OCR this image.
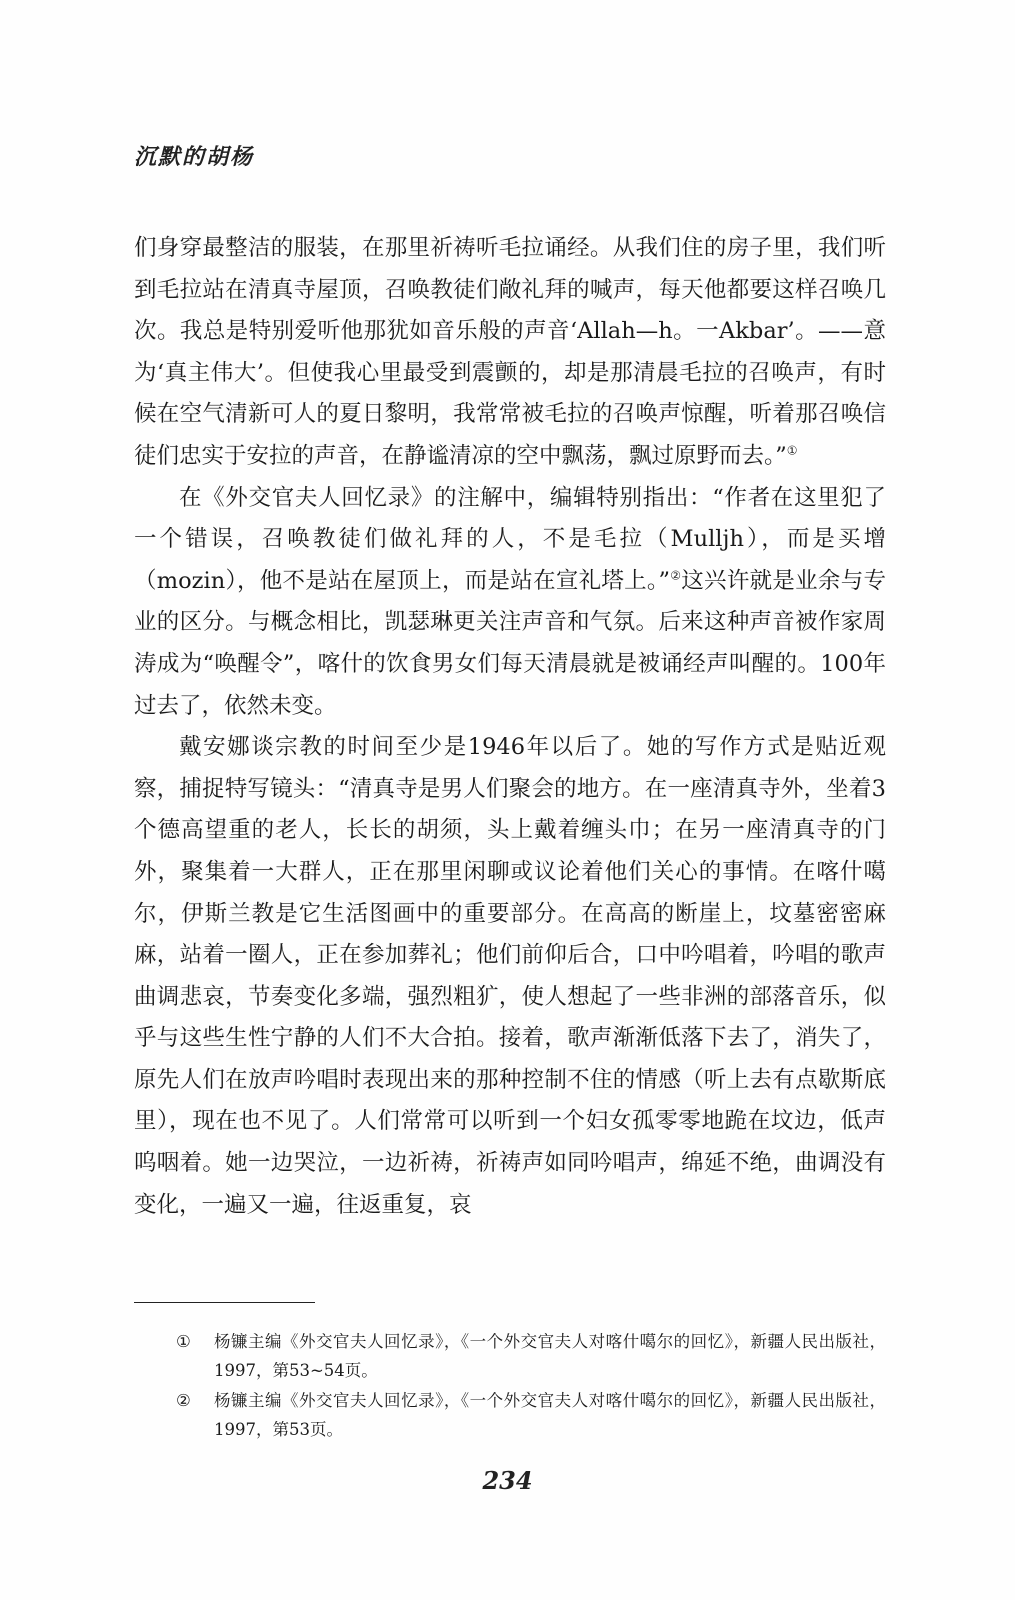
沉默的胡杨

们身穿最整洁的服装，在那里祈祷听毛拉诵经。从我们住的房子里，我们听到毛拉站在清真寺屋顶，召唤教徒们敞礼拜的喊声，每天他都要这样召唤几次。我总是特别爱听他那犹如音乐般的声音‘Allah—h。一Akbar’。——意为‘真主伟大’。但使我心里最受到震颤的，却是那清晨毛拉的召唤声，有时候在空气清新可人的夏日黎明，我常常被毛拉的召唤声惊醒，听着那召唤信徒们忠实于安拉的声音，在静谧清凉的空中飘荡，飘过原野而去。”①

在《外交官夫人回忆录》的注解中，编辑特别指出：“作者在这里犯了一个错误，召唤教徒们做礼拜的人，不是毛拉（Mulljh），而是买增（mozin），他不是站在屋顶上，而是站在宣礼塔上。”②这兴许就是业余与专业的区分。与概念相比，凯瑟琳更关注声音和气氛。后来这种声音被作家周涛成为“唤醒令”，喀什的饮食男女们每天清晨就是被诵经声叫醒的。100年过去了，依然未变。

戴安娜谈宗教的时间至少是1946年以后了。她的写作方式是贴近观察，捕捉特写镜头：“清真寺是男人们聚会的地方。在一座清真寺外，坐着3个德高望重的老人，长长的胡须，头上戴着缠头巾；在另一座清真寺的门外，聚集着一大群人，正在那里闲聊或议论着他们关心的事情。在喀什噶尔，伊斯兰教是它生活图画中的重要部分。在高高的断崖上，坟墓密密麻麻，站着一圈人，正在参加葬礼；他们前仰后合，口中吟唱着，吟唱的歌声曲调悲哀，节奏变化多端，强烈粗犷，使人想起了一些非洲的部落音乐，似乎与这些生性宁静的人们不大合拍。接着，歌声渐渐低落下去了，消失了，原先人们在放声吟唱时表现出来的那种控制不住的情感（听上去有点歇斯底里），现在也不见了。人们常常可以听到一个妇女孤零零地跪在坟边，低声呜咽着。她一边哭泣，一边祈祷，祈祷声如同吟唱声，绵延不绝，曲调没有变化，一遍又一遍，往返重复，哀

①	杨镰主编《外交官夫人回忆录》，《一个外交官夫人对喀什噶尔的回忆》，新疆人民出版社，1997，第53~54页。
②	杨镰主编《外交官夫人回忆录》，《一个外交官夫人对喀什噶尔的回忆》，新疆人民出版社，1997，第53页。
234
